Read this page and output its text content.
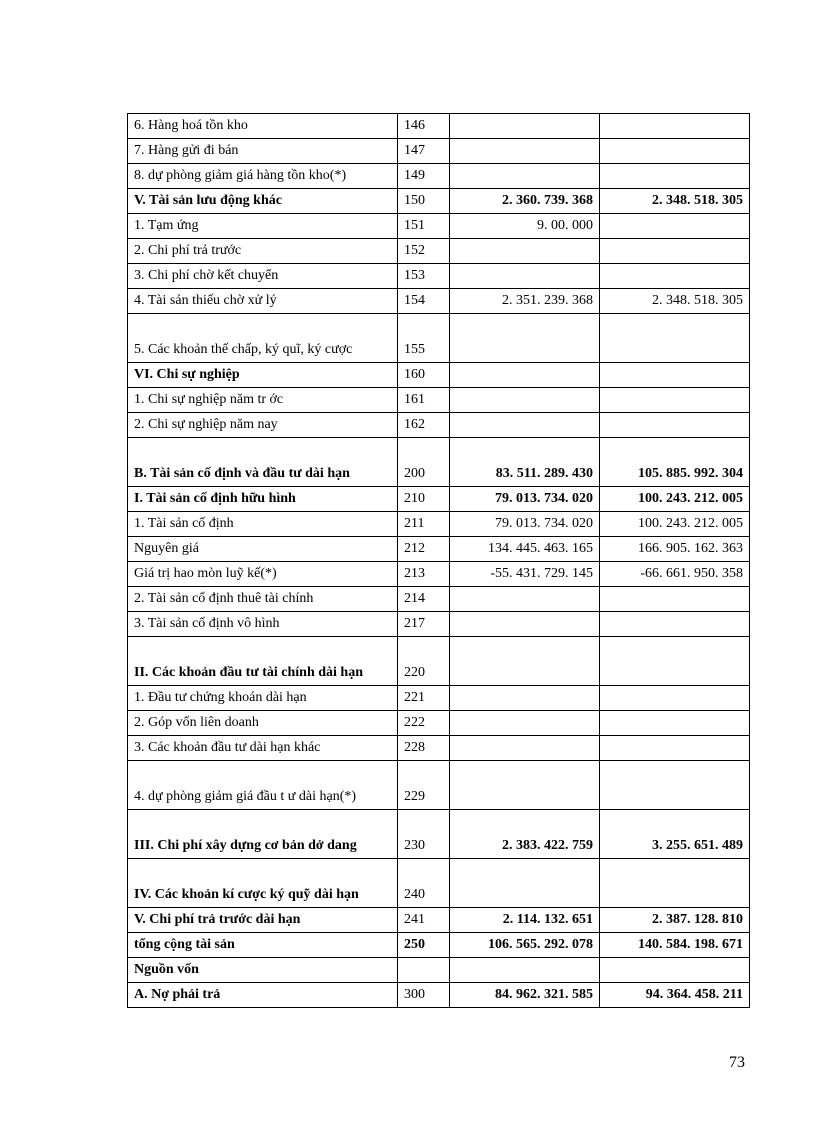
6. Hàng hoá tồn kho	146		
7. Hàng gửi đi bán	147		
8. dự phòng giảm giá hàng tồn kho(*)	149		
V. Tài sản lưu động khác	150	2. 360. 739. 368	2. 348. 518. 305
1. Tạm ứng	151	9. 00. 000	
2. Chi phí trả trước	152		
3. Chi phí chờ kết chuyển	153		
4. Tài sản thiếu chờ xử lý	154	2. 351. 239. 368	2. 348. 518. 305
5. Các khoản thế chấp, ký quĩ, ký cược	155		
VI. Chi sự nghiệp	160		
1. Chi sự nghiệp năm tr ớc	161		
2. Chi sự nghiệp năm nay	162		
B. Tài sản cố định và đầu tư dài hạn	200	83. 511. 289. 430	105. 885. 992. 304
I. Tài sản cố định hữu hình	210	79. 013. 734. 020	100. 243. 212. 005
1. Tài sản cố định	211	79. 013. 734. 020	100. 243. 212. 005
Nguyên giá	212	134. 445. 463. 165	166. 905. 162. 363
Giá trị hao mòn luỹ kế(*)	213	-55. 431. 729. 145	-66. 661. 950. 358
2. Tài sản cố định thuê tài chính	214		
3. Tài sản cố định vô hình	217		
II. Các khoản đầu tư tài chính dài hạn	220		
1. Đầu tư chứng khoán dài hạn	221		
2. Góp vốn liên doanh	222		
3. Các khoản đầu tư dài hạn khác	228		
4. dự phòng giảm giá đầu t ư dài hạn(*)	229		
III. Chi phí xây dựng cơ bản dở dang	230	2. 383. 422. 759	3. 255. 651. 489
IV. Các khoản kí cược ký quỹ dài hạn	240		
V. Chi phí trả trước dài hạn	241	2. 114. 132. 651	2. 387. 128. 810
tổng cộng tài sản	250	106. 565. 292. 078	140. 584. 198. 671
Nguồn vốn			
A. Nợ phải trả	300	84. 962. 321. 585	94. 364. 458. 211
73
